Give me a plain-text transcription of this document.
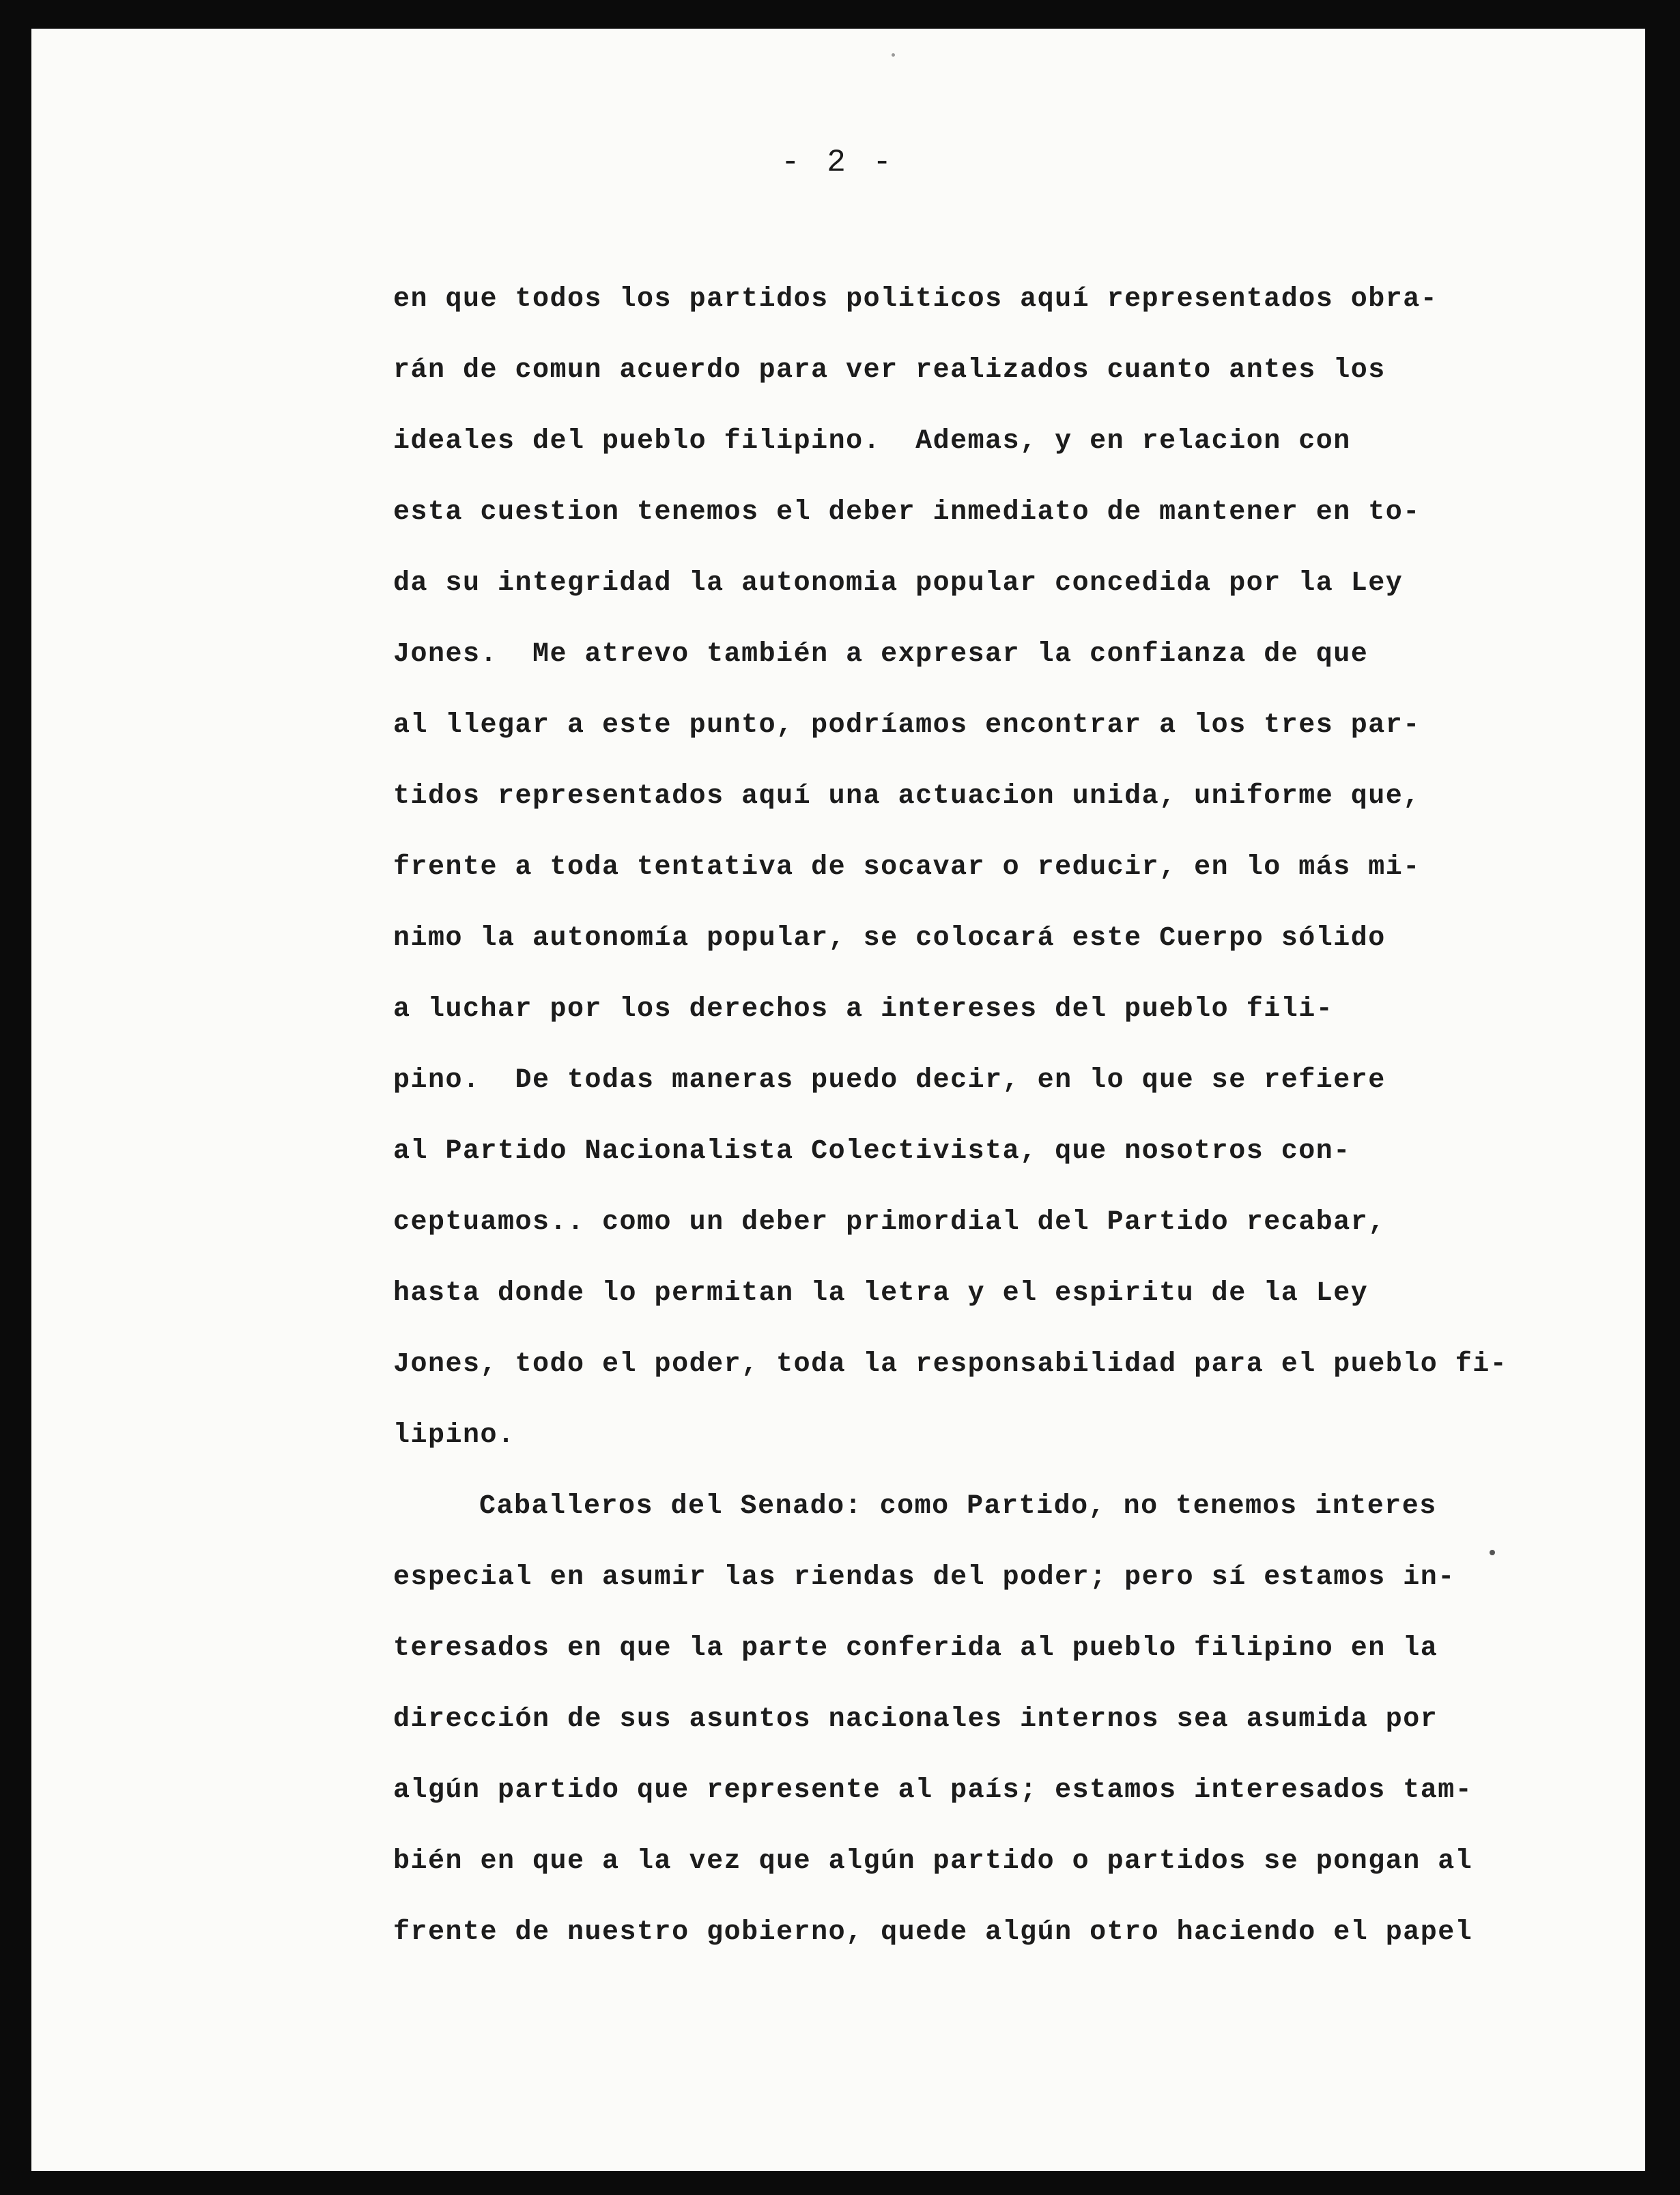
- 2 -
en que todos los partidos politicos aquí representados obra-
rán de comun acuerdo para ver realizados cuanto antes los
ideales del pueblo filipino.  Ademas, y en relacion con
esta cuestion tenemos el deber inmediato de mantener en to-
da su integridad la autonomia popular concedida por la Ley
Jones.  Me atrevo también a expresar la confianza de que
al llegar a este punto, podríamos encontrar a los tres par-
tidos representados aquí una actuacion unida, uniforme que,
frente a toda tentativa de socavar o reducir, en lo más mi-
nimo la autonomía popular, se colocará este Cuerpo sólido
a luchar por los derechos a intereses del pueblo fili-
pino.  De todas maneras puedo decir, en lo que se refiere
al Partido Nacionalista Colectivista, que nosotros con-
ceptuamos.. como un deber primordial del Partido recabar,
hasta donde lo permitan la letra y el espiritu de la Ley
Jones, todo el poder, toda la responsabilidad para el pueblo fi-
lipino.
Caballeros del Senado: como Partido, no tenemos interes
especial en asumir las riendas del poder; pero sí estamos in-
teresados en que la parte conferida al pueblo filipino en la
dirección de sus asuntos nacionales internos sea asumida por
algún partido que represente al país; estamos interesados tam-
bién en que a la vez que algún partido o partidos se pongan al
frente de nuestro gobierno, quede algún otro haciendo el papel
